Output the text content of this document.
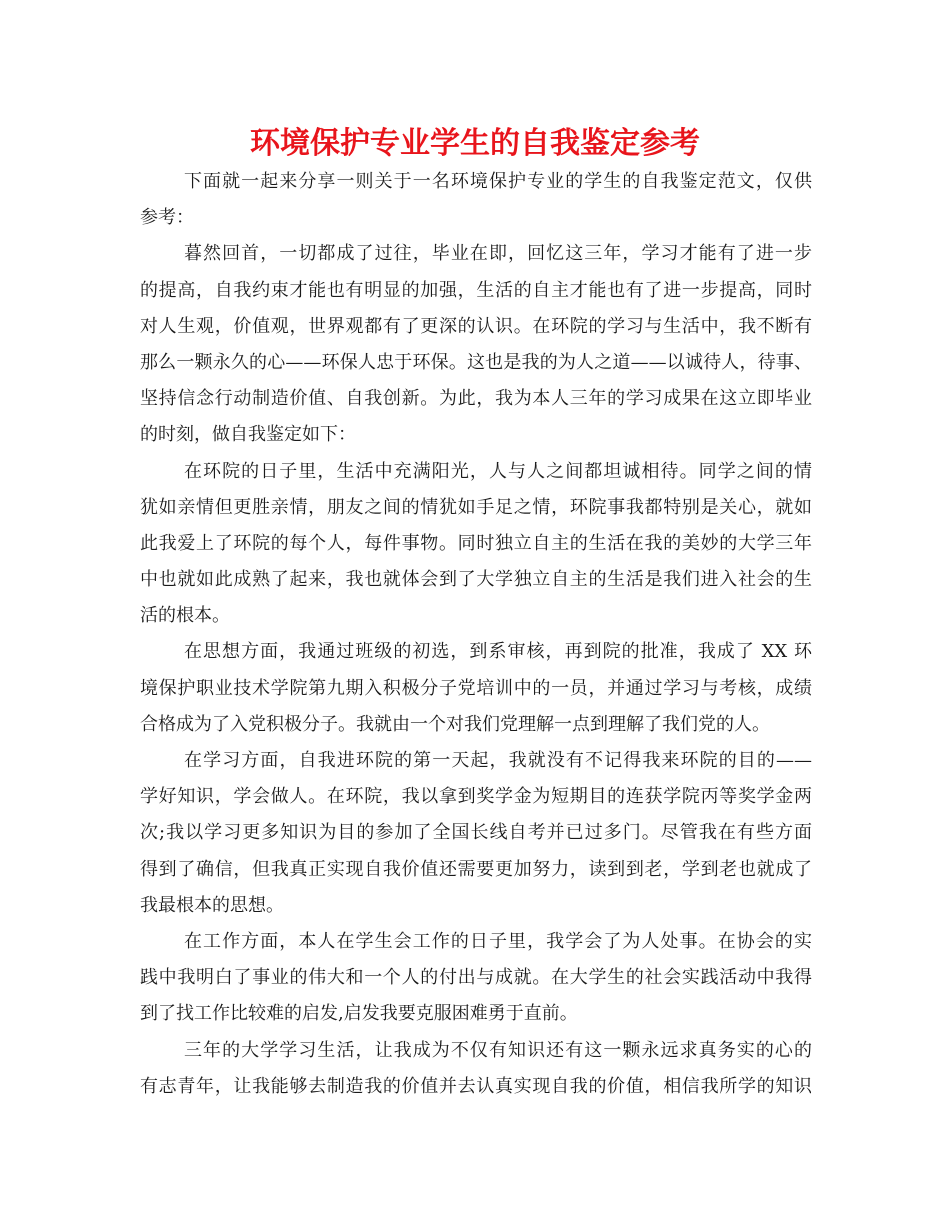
环境保护专业学生的自我鉴定参考
下面就一起来分享一则关于一名环境保护专业的学生的自我鉴定范文，仅供
参考：
暮然回首，一切都成了过往，毕业在即，回忆这三年，学习才能有了进一步
的提高，自我约束才能也有明显的加强，生活的自主才能也有了进一步提高，同时
对人生观，价值观，世界观都有了更深的认识。在环院的学习与生活中，我不断有
那么一颗永久的心——环保人忠于环保。这也是我的为人之道——以诚待人，待事、
坚持信念行动制造价值、自我创新。为此，我为本人三年的学习成果在这立即毕业
的时刻，做自我鉴定如下：
在环院的日子里，生活中充满阳光，人与人之间都坦诚相待。同学之间的情
犹如亲情但更胜亲情，朋友之间的情犹如手足之情，环院事我都特别是关心，就如
此我爱上了环院的每个人，每件事物。同时独立自主的生活在我的美妙的大学三年
中也就如此成熟了起来，我也就体会到了大学独立自主的生活是我们进入社会的生
活的根本。
在思想方面，我通过班级的初选，到系审核，再到院的批准，我成了 XX 环
境保护职业技术学院第九期入积极分子党培训中的一员，并通过学习与考核，成绩
合格成为了入党积极分子。我就由一个对我们党理解一点到理解了我们党的人。
在学习方面，自我进环院的第一天起，我就没有不记得我来环院的目的——
学好知识，学会做人。在环院，我以拿到奖学金为短期目的连获学院丙等奖学金两
次;我以学习更多知识为目的参加了全国长线自考并已过多门。尽管我在有些方面
得到了确信，但我真正实现自我价值还需要更加努力，读到到老，学到老也就成了
我最根本的思想。
在工作方面，本人在学生会工作的日子里，我学会了为人处事。在协会的实
践中我明白了事业的伟大和一个人的付出与成就。在大学生的社会实践活动中我得
到了找工作比较难的启发,启发我要克服困难勇于直前。
三年的大学学习生活，让我成为不仅有知识还有这一颗永远求真务实的心的
有志青年，让我能够去制造我的价值并去认真实现自我的价值，相信我所学的知识
